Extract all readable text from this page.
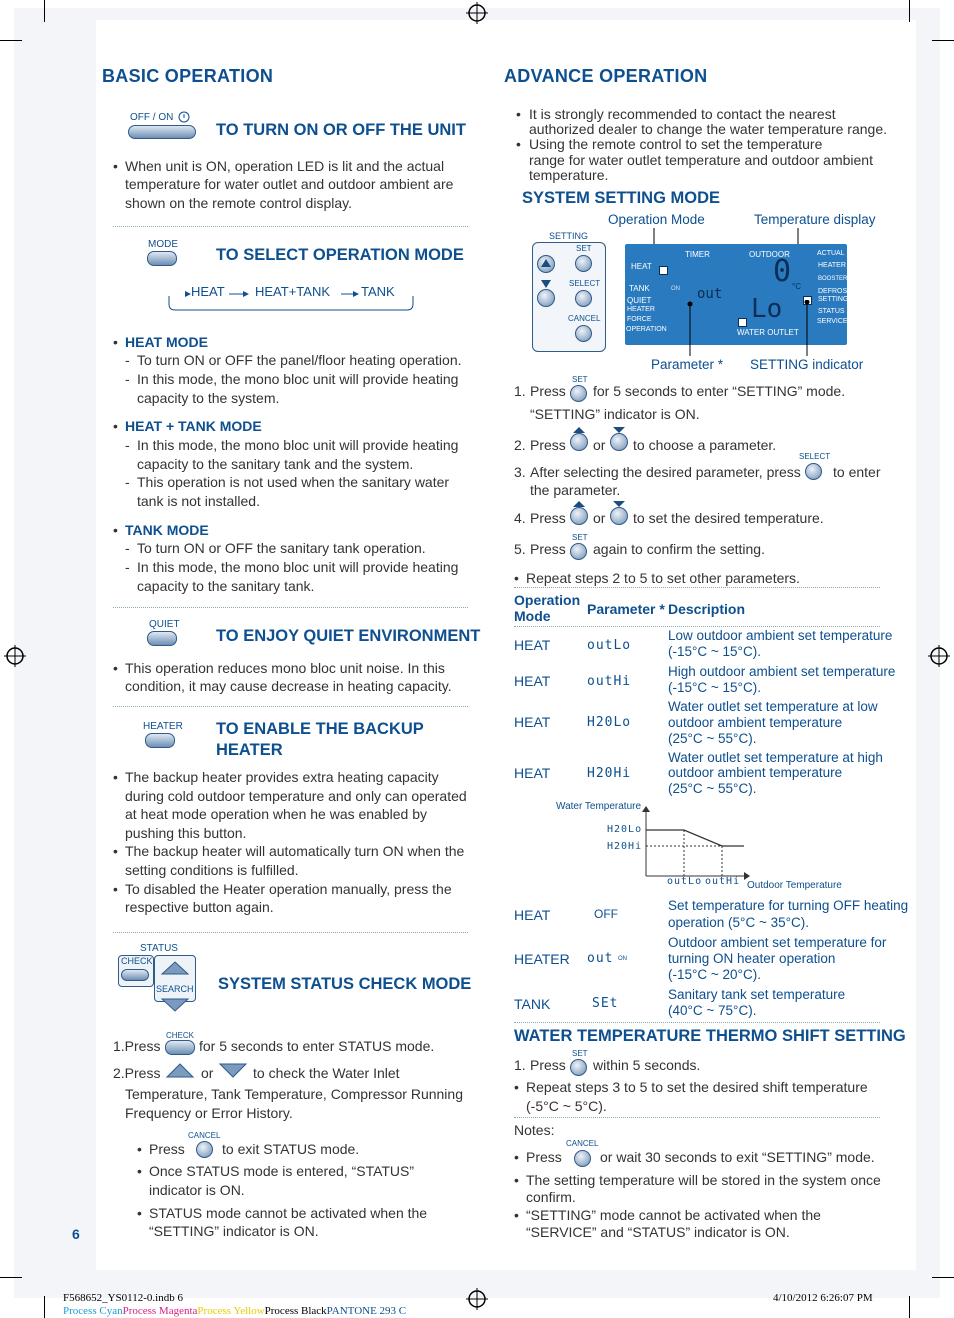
BASIC OPERATION
OFF / ON
TO TURN ON OR OFF THE UNIT
• When unit is ON, operation LED is lit and the actual
temperature for water outlet and outdoor ambient are
shown on the remote control display.
MODE
TO SELECT OPERATION MODE
HEAT HEAT+TANK TANK
• HEAT MODE
- To turn ON or OFF the panel/floor heating operation.
- In this mode, the mono bloc unit will provide heating
capacity to the system.
• HEAT + TANK MODE
- In this mode, the mono bloc unit will provide heating
capacity to the sanitary tank and the system.
- This operation is not used when the sanitary water
tank is not installed.
• TANK MODE
- To turn ON or OFF the sanitary tank operation.
- In this mode, the mono bloc unit will provide heating
capacity to the sanitary tank.
QUIET
TO ENJOY QUIET ENVIRONMENT
• This operation reduces mono bloc unit noise. In this
condition, it may cause decrease in heating capacity.
HEATER TO ENABLE THE BACKUP
HEATER
• The backup heater provides extra heating capacity
during cold outdoor temperature and only can operated
at heat mode operation when he was enabled by
pushing this button.
• The backup heater will automatically turn ON when the
setting conditions is fulfilled.
• To disabled the Heater operation manually, press the
respective button again.
STATUS
CHECK
SEARCH SYSTEM STATUS CHECK MODE
1.Press
CHECK
for 5 seconds to enter STATUS mode.
2.Press	or	to check the Water Inlet
Temperature, Tank Temperature, Compressor Running
Frequency or Error History.
• Press
CANCEL
to exit STATUS mode.
• Once STATUS mode is entered, “STATUS”
indicator is ON.
• STATUS mode cannot be activated when the
“SETTING” indicator is ON.
6
ADVANCE OPERATION
• It is strongly recommended to contact the nearest
authorized dealer to change the water temperature range.
• Using the remote control to set the temperature
range for water outlet temperature and outdoor ambient
temperature.
SYSTEM SETTING MODE
Operation Mode	Temperature display
SETTING
SET
SELECT
CANCEL
TIMER	OUTDOOR	ACTUAL
HEAT
TANK
QUIET
HEATER
FORCE
OPERATION
ON
WATER OUTLET
HEATER
BOOSTER
DEFROST
SETTING
STATUS
SERVICE
0 °C
out Lo
Parameter * SETTING indicator
1. Press
SET
for 5 seconds to enter “SETTING” mode.
“SETTING” indicator is ON.
2. Press or to choose a parameter.
3. After selecting the desired parameter, press
SELECT
to enter
the parameter.
4. Press or to set the desired temperature.
5. Press
SET
again to confirm the setting.
• Repeat steps 2 to 5 to set other parameters.
Operation
Mode	Parameter * Description
HEAT	outLo
Low outdoor ambient set temperature
(-15°C ~ 15°C).
HEAT	outHi
High outdoor ambient set temperature
(-15°C ~ 15°C).
HEAT	H20Lo
Water outlet set temperature at low
outdoor ambient temperature
(25°C ~ 55°C).
HEAT	H20Hi
Water outlet set temperature at high
outdoor ambient temperature
(25°C ~ 55°C).
Water Temperature
H20Lo
H20Hi
outLo outHi Outdoor Temperature
HEAT	OFF
Set temperature for turning OFF heating
operation (5°C ~ 35°C).
HEATER out ON
Outdoor ambient set temperature for
turning ON heater operation
(-15°C ~ 20°C).
TANK	SEt
Sanitary tank set temperature
(40°C ~ 75°C).
WATER TEMPERATURE THERMO SHIFT SETTING
1. Press
SET
within 5 seconds.
• Repeat steps 3 to 5 to set the desired shift temperature
(-5°C ~ 5°C).
Notes:
• Press
CANCEL
or wait 30 seconds to exit “SETTING” mode.
• The setting temperature will be stored in the system once
confirm.
• “SETTING” mode cannot be activated when the
“SERVICE” and “STATUS” indicator is ON.
F568652_YS0112-0.indb 6	4/10/2012 6:26:07 PM
Process CyanProcess MagentaProcess YellowProcess BlackPANTONE 293 C
